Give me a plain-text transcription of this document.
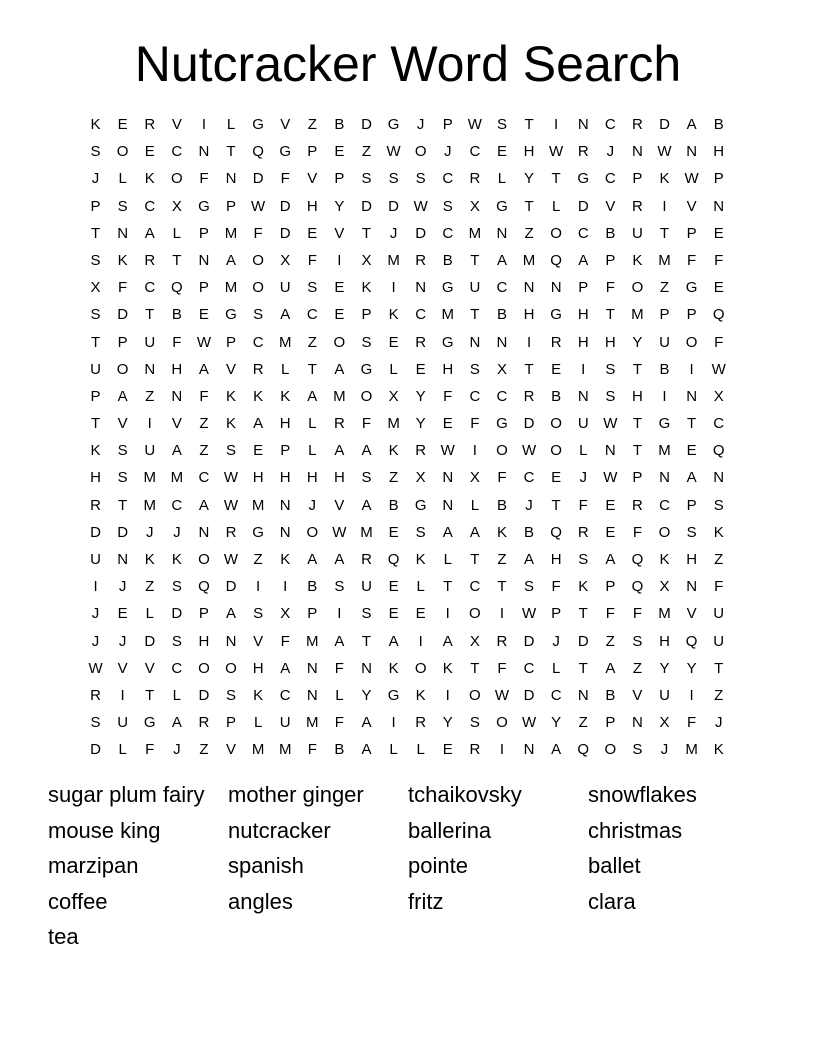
Nutcracker Word Search
K	E	R	V	I	L	G	V	Z	B	D	G	J	P	W	S	T	I	N	C	R	D	A	B
S	O	E	C	N	T	Q	G	P	E	Z	W O	J	C	E	H W R	J	N W N	H
J	L	K	O	F	N	D	F	V	P	S	S	S	C	R	L	Y	T	G	C	P	K	W	P
P	S	C	X	G	P	W D	H	Y	D	D W	S	X	G	T	L	D	V	R	I	V	N
T	N	A	L	P	M	F	D	E	V	T	J	D	C	M	N	Z	O	C	B	U	T	P	E
S	K	R	T	N	A	O	X	F	I	X	M	R	B	T	A	M	Q	A	P	K	M	F	F
X	F	C	Q	P	M	O	U	S	E	K	I	N	G	U	C	N	N	P	F	O	Z	G	E
S	D	T	B	E	G	S	A	C	E	P	K	C	M	T	B	H	G	H	T	M	P	P	Q
T	P	U	F	W	P	C	M	Z	O	S	E	R	G	N	N	I	R	H	H	Y	U	O	F
U	O	N	H	A	V	R	L	T	A	G	L	E	H	S	X	T	E	I	S	T	B	I	W
P	A	Z	N	F	K	K	K	A	M	O	X	Y	F	C	C	R	B	N	S	H	I	N	X
T	V	I	V	Z	K	A	H	L	R	F	M	Y	E	F	G	D	O	U W	T	G	T	C
K	S	U	A	Z	S	E	P	L	A	A	K	R W	I	O W O	L	N	T	M	E	Q
H	S	M M	C W H	H	H	H	S	Z	X	N	X	F	C	E	J	W	P	N	A	N
R	T	M	C	A	W M	N	J	V	A	B	G	N	L	B	J	T	F	E	R	C	P	S
D	D	J	J	N	R	G	N	O W M	E	S	A	A	K	B	Q	R	E	F	O	S	K
U	N	K	K	O W	Z	K	A	A	R	Q	K	L	T	Z	A	H	S	A	Q	K	H	Z
I	J	Z	S	Q	D	I	I	B	S	U	E	L	T	C	T	S	F	K	P	Q	X	N	F
J	E	L	D	P	A	S	X	P	I	S	E	E	I	O	I	W	P	T	F	F	M	V	U
J	J	D	S	H	N	V	F	M	A	T	A	I	A	X	R	D	J	D	Z	S	H	Q	U
W	V	V	C	O	O	H	A	N	F	N	K	O	K	T	F	C	L	T	A	Z	Y	Y	T
R	I	T	L	D	S	K	C	N	L	Y	G	K	I	O W D	C	N	B	V	U	I	Z
S	U	G	A	R	P	L	U	M	F	A	I	R	Y	S	O W	Y	Z	P	N	X	F	J
D	L	F	J	Z	V	M M	F	B	A	L	L	E	R	I	N	A	Q	O	S	J	M	K
sugar plum fairy	mother ginger	tchaikovsky	snowflakes
mouse king	nutcracker	ballerina	christmas
marzipan	spanish	pointe	ballet
coffee	angles	fritz	clara
tea
